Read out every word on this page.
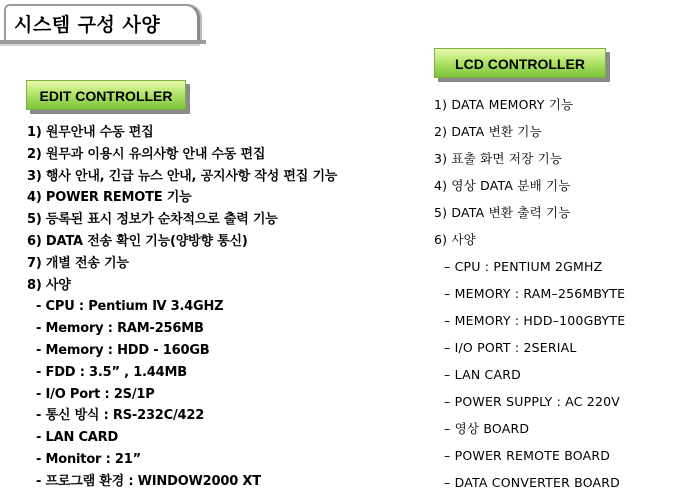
시스템 구성 사양
EDIT CONTROLLER
LCD CONTROLLER
1) 원무안내 수동 편집
2) 원무과 이용시 유의사항 안내 수동 편집
3) 행사 안내, 긴급 뉴스 안내, 공지사항 작성 편집 기능
4) POWER REMOTE 기능
5) 등록된 표시 정보가 순차적으로 출력 기능
6) DATA 전송 확인 기능(양방향 통신)
7) 개별 전송 기능
8) 사양
- CPU : Pentium Ⅳ 3.4GHZ
- Memory : RAM-256MB
- Memory : HDD - 160GB
- FDD : 3.5” , 1.44MB
- I/O Port : 2S/1P
- 통신 방식 : RS-232C/422
- LAN CARD
- Monitor : 21”
- 프로그램 환경 : WINDOW2000 XT
1) DATA MEMORY 기능
2) DATA 변환 기능
3) 표출 화면 저장 기능
4) 영상 DATA 분배 기능
5) DATA 변환 출력 기능
6) 사양
– CPU : PENTIUM 2GMHZ
– MEMORY : RAM–256MBYTE
– MEMORY : HDD–100GBYTE
– I/O PORT : 2SERIAL
– LAN CARD
– POWER SUPPLY : AC 220V
– 영상 BOARD
– POWER REMOTE BOARD
– DATA CONVERTER BOARD
